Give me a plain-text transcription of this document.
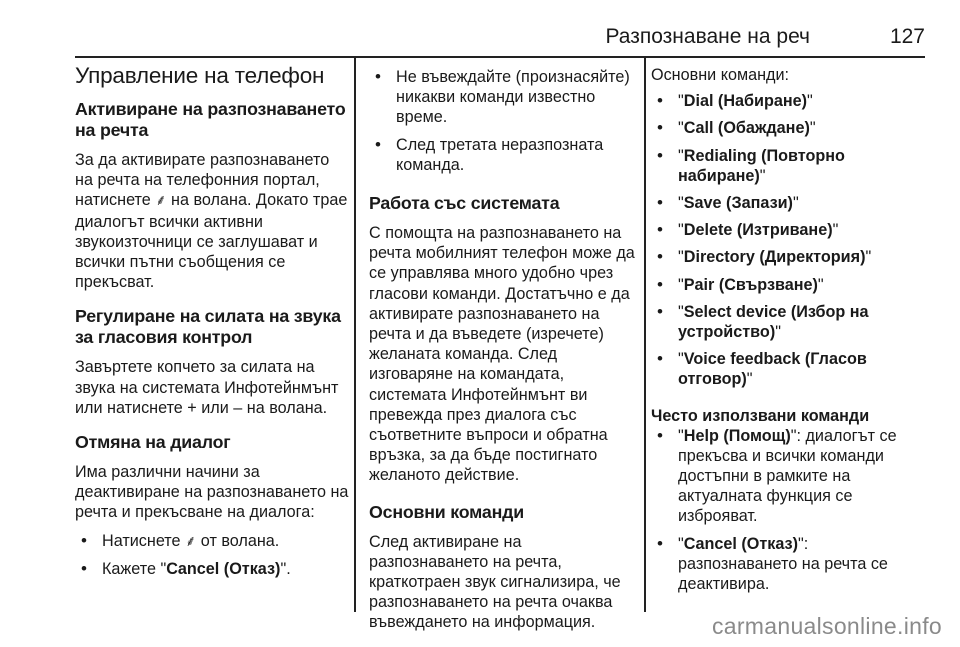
Разпознаване на реч	127
Управление на телефон
Активиране на разпознаването на речта

За да активирате разпознаването на речта на телефонния портал, натиснете ⸙ на волана. Докато трае диалогът всички активни звукоизточници се заглушават и всички пътни съобщения се прекъсват.

Регулиране на силата на звука за гласовия контрол

Завъртете копчето за силата на звука на системата Инфотейнмънт или натиснете + или – на волана.

Отмяна на диалог

Има различни начини за деактивиране на разпознаването на речта и прекъсване на диалога:

• Натиснете ⸙ от волана.
• Кажете "Cancel (Отказ)".
• Не въвеждайте (произнасяйте) никакви команди известно време.
• След третата неразпозната команда.
Работа със системата

С помощта на разпознаването на речта мобилният телефон може да се управлява много удобно чрез гласови команди. Достатъчно е да активирате разпознаването на речта и да въведете (изречете) желаната команда. След изговаряне на командата, системата Инфотейнмънт ви превежда през диалога със съответните въпроси и обратна връзка, за да бъде постигнато желаното действие.

Основни команди

След активиране на разпознаването на речта, краткотраен звук сигнализира, че разпознаването на речта очаква въвеждането на информация.

Основни команди:

• "Dial (Набиране)"
• "Call (Обаждане)"
• "Redialing (Повторно набиране)"
• "Save (Запази)"
• "Delete (Изтриване)"
• "Directory (Директория)"
• "Pair (Свързване)"
• "Select device (Избор на устройство)"
• "Voice feedback (Гласов отговор)"
Често използвани команди
• "Help (Помощ)": диалогът се прекъсва и всички команди достъпни в рамките на актуалната функция се изброяват.
• "Cancel (Отказ)": разпознаването на речта се деактивира.
carmanualsonline.info
